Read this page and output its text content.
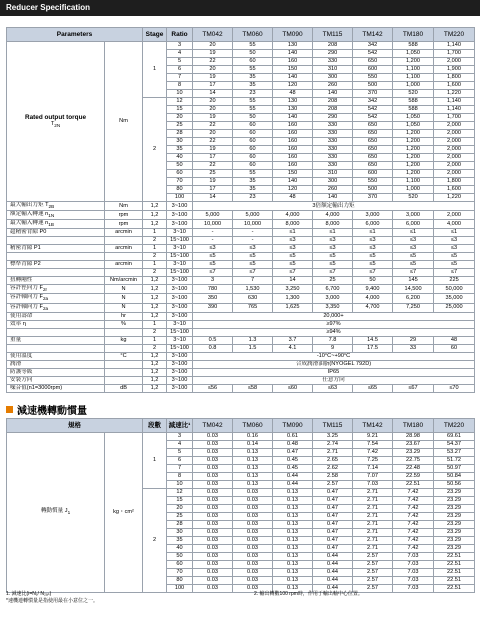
Reducer Specification
Parameters		Stage	Ratio	TM042	TM060	TM090	TM115	TM142	TM180	TM220

Rated output torque
$T_{2N}$	Nm	1	3	20	55	130	208	342	588	1,140
			4	19	50	140	290	542	1,050	1,700
			5	22	60	160	330	650	1,200	2,000
			6	20	55	150	310	600	1,100	1,900
			7	19	35	140	300	550	1,100	1,800
			8	17	35	120	260	500	1,000	1,600
			10	14	23	48	140	370	520	1,220
		2	12	20	55	130	208	342	588	1,140
			15	20	55	130	208	542	588	1,140
			20	19	50	140	290	542	1,050	1,700
			25	22	60	160	330	650	1,050	2,000
			28	20	60	160	330	650	1,200	2,000
			30	22	60	160	330	650	1,200	2,000
			35	19	60	160	330	650	1,200	2,000
			40	17	60	160	330	650	1,200	2,000
			50	22	60	160	330	650	1,200	2,000
			60	25	55	150	310	600	1,200	2,000
			70	19	35	140	300	550	1,100	1,800
			80	17	35	120	260	500	1,000	1,600
			100	14	23	48	140	370	520	1,220
最大輸出力矩 $T_{2B}$	Nm	1,2	3~100	3倍額定輸出力矩						
額定輸入轉速 $n_{1N}$	rpm	1,2	3~100	5,000	5,000	4,000	4,000	3,000	3,000	2,000
最大輸入轉速 $n_{1B}$	rpm	1,2	3~100	10,000	10,000	8,000	8,000	6,000	6,000	4,000
超精密背隙 P0	arcmin	1	3~10	-	-	≤1	≤1	≤1	≤1	≤1
		2	15~100	-	-	≤3	≤3	≤3	≤3	≤3
精密背隙 P1	arcmin	1	3~10	≤3	≤3	≤3	≤3	≤3	≤3	≤3
		2	15~100	≤5	≤5	≤5	≤5	≤5	≤5	≤5
標準背隙 P2	arcmin	1	3~10	≤5	≤5	≤5	≤5	≤5	≤5	≤5
		2	15~100	≤7	≤7	≤7	≤7	≤7	≤7	≤7
扭轉剛性	Nm/arcmin	1,2	3~100	3	7	14	25	50	145	225
容許徑向力 $F_{2r}$	N	1,2	3~100	780	1,530	3,250	6,700	9,400	14,500	50,000
容許軸向力 $F_{2a}$	N	1,2	3~100	350	630	1,300	3,000	4,000	6,200	35,000
容許軸向力 $F_{2a}$	N	1,2	3~100	390	765	1,625	3,350	4,700	7,250	25,000
使用壽命	hr	1,2	3~100	20,000+						
效率 η	%	1	3~10	≥97%						
		2	15~100	≥94%						
重量	kg	1	3~10	0.5	1.3	3.7	7.8	14.5	29	48
		2	15~100	0.8	1.5	4.1	9	17.5	33	60
使用溫度	°C	1,2	3~100	-10°C~+90°C						
潤滑		1,2	3~100	合成潤滑油脂(NYOGEL 792D)						
防護等級		1,2	3~100	IP65						
安裝方向		1,2	3~100	任意方向						
噪音值(n1=3000rpm)	dB	1,2	3~100	≤56	≤58	≤60	≤63	≤65	≤67	≤70
減速機轉動慣量
規格		段數	減速比¹	TM042	TM060	TM090	TM115	TM142	TM180	TM220
轉動慣量 $J_1$	kg・cm²	1	3	0.03	0.16	0.61	3.25	9.21	28.98	69.61
			4	0.03	0.14	0.48	2.74	7.54	23.67	54.37
			5	0.03	0.13	0.47	2.71	7.42	23.29	53.27
			6	0.03	0.13	0.45	2.65	7.25	22.75	51.72
			7	0.03	0.13	0.45	2.62	7.14	22.48	50.97
			8	0.03	0.13	0.44	2.58	7.07	22.59	50.84
			10	0.03	0.13	0.44	2.57	7.03	22.51	50.56
		2	12	0.03	0.03	0.13	0.47	2.71	7.42	23.29
			15	0.03	0.03	0.13	0.47	2.71	7.42	23.29
			20	0.03	0.03	0.13	0.47	2.71	7.42	23.29
			25	0.03	0.03	0.13	0.47	2.71	7.42	23.29
			28	0.03	0.03	0.13	0.47	2.71	7.42	23.29
			30	0.03	0.03	0.13	0.47	2.71	7.42	23.29
			35	0.03	0.03	0.13	0.47	2.71	7.42	23.29
			40	0.03	0.03	0.13	0.47	2.71	7.42	23.29
			50	0.03	0.03	0.13	0.44	2.57	7.03	22.51
			60	0.03	0.03	0.13	0.44	2.57	7.03	22.51
			70	0.03	0.03	0.13	0.44	2.57	7.03	22.51
			80	0.03	0.03	0.13	0.44	2.57	7.03	22.51
			100	0.03	0.03	0.13	0.44	2.57	7.03	22.51
1. 減速比(i=N₁/ N₂ₐₛ)
*速機連轉慣量是指使用最在小意位之一。
2. 輸出轉數100 rpm時，作用于輸出軸中心位置。
